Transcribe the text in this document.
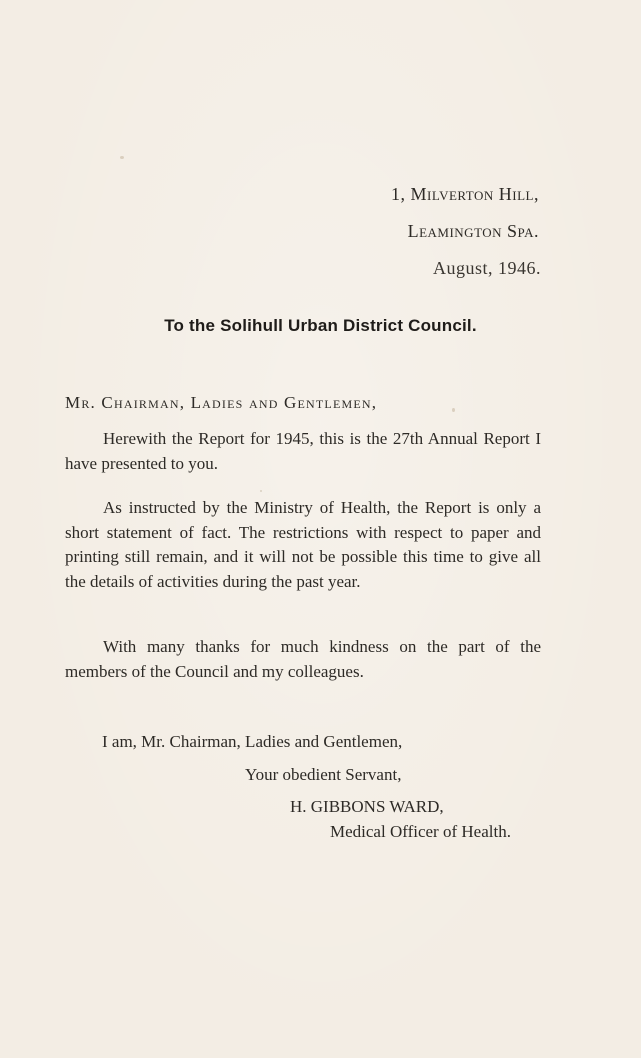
1, Milverton Hill,
Leamington Spa.
August, 1946.
To the Solihull Urban District Council.
Mr. Chairman, Ladies and Gentlemen,

Herewith the Report for 1945, this is the 27th Annual Report I have presented to you.

As instructed by the Ministry of Health, the Report is only a short statement of fact. The restrictions with respect to paper and printing still remain, and it will not be possible this time to give all the details of activities during the past year.

With many thanks for much kindness on the part of the members of the Council and my colleagues.

I am, Mr. Chairman, Ladies and Gentlemen,
Your obedient Servant,
H. GIBBONS WARD,
Medical Officer of Health.
